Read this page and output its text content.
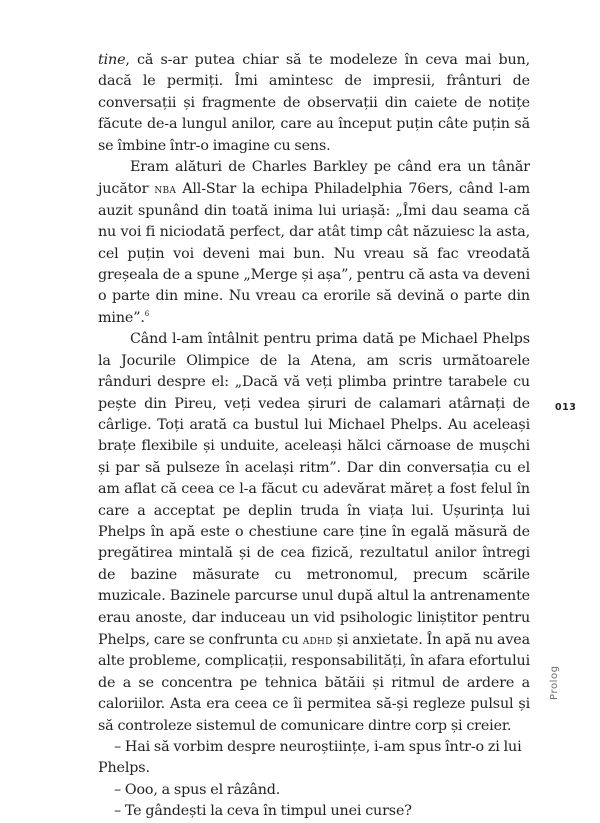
tine, că s-ar putea chiar să te modeleze în ceva mai bun, dacă le permiți. Îmi amintesc de impresii, frânturi de conversații și fragmente de observații din caiete de notițe făcute de-a lungul anilor, care au început puțin câte puțin să se îmbine într-o imagine cu sens.

Eram alături de Charles Barkley pe când era un tânăr jucător nba All-Star la echipa Philadelphia 76ers, când l-am auzit spunând din toată inima lui uriașă: „Îmi dau seama că nu voi fi niciodată perfect, dar atât timp cât năzuiesc la asta, cel puțin voi deveni mai bun. Nu vreau să fac vreodată greșeala de a spune „Merge și așa”, pentru că asta va deveni o parte din mine. Nu vreau ca erorile să devină o parte din mine”.$^6$

Când l-am întâlnit pentru prima dată pe Michael Phelps la Jocurile Olimpice de la Atena, am scris următoarele rânduri despre el: „Dacă vă veți plimba printre tarabele cu pește din Pireu, veți vedea șiruri de calamari atârnați de cârlige. Toți arată ca bustul lui Michael Phelps. Au aceleași brațe flexibile și unduite, aceleași hălci cărnoase de mușchi și par să pulseze în același ritm”. Dar din conversația cu el am aflat că ceea ce l-a făcut cu adevărat măreț a fost felul în care a acceptat pe deplin truda în viața lui. Ușurința lui Phelps în apă este o chestiune care ține în egală măsură de pregătirea mintală și de cea fizică, rezultatul anilor întregi de bazine măsurate cu metronomul, precum scările muzicale. Bazinele parcurse unul după altul la antrenamente erau anoste, dar induceau un vid psihologic liniștitor pentru Phelps, care se confrunta cu adhd și anxietate. În apă nu avea alte probleme, complicații, responsabilități, în afara efortului de a se concentra pe tehnica bătăii și ritmul de ardere a caloriilor. Asta era ceea ce îi permitea să-și regleze pulsul și să controleze sistemul de comunicare dintre corp și creier.

– Hai să vorbim despre neuroștiințe, i-am spus într-o zi lui Phelps.

– Ooo, a spus el râzând.

– Te gândești la ceva în timpul unei curse?

013
Prolog
